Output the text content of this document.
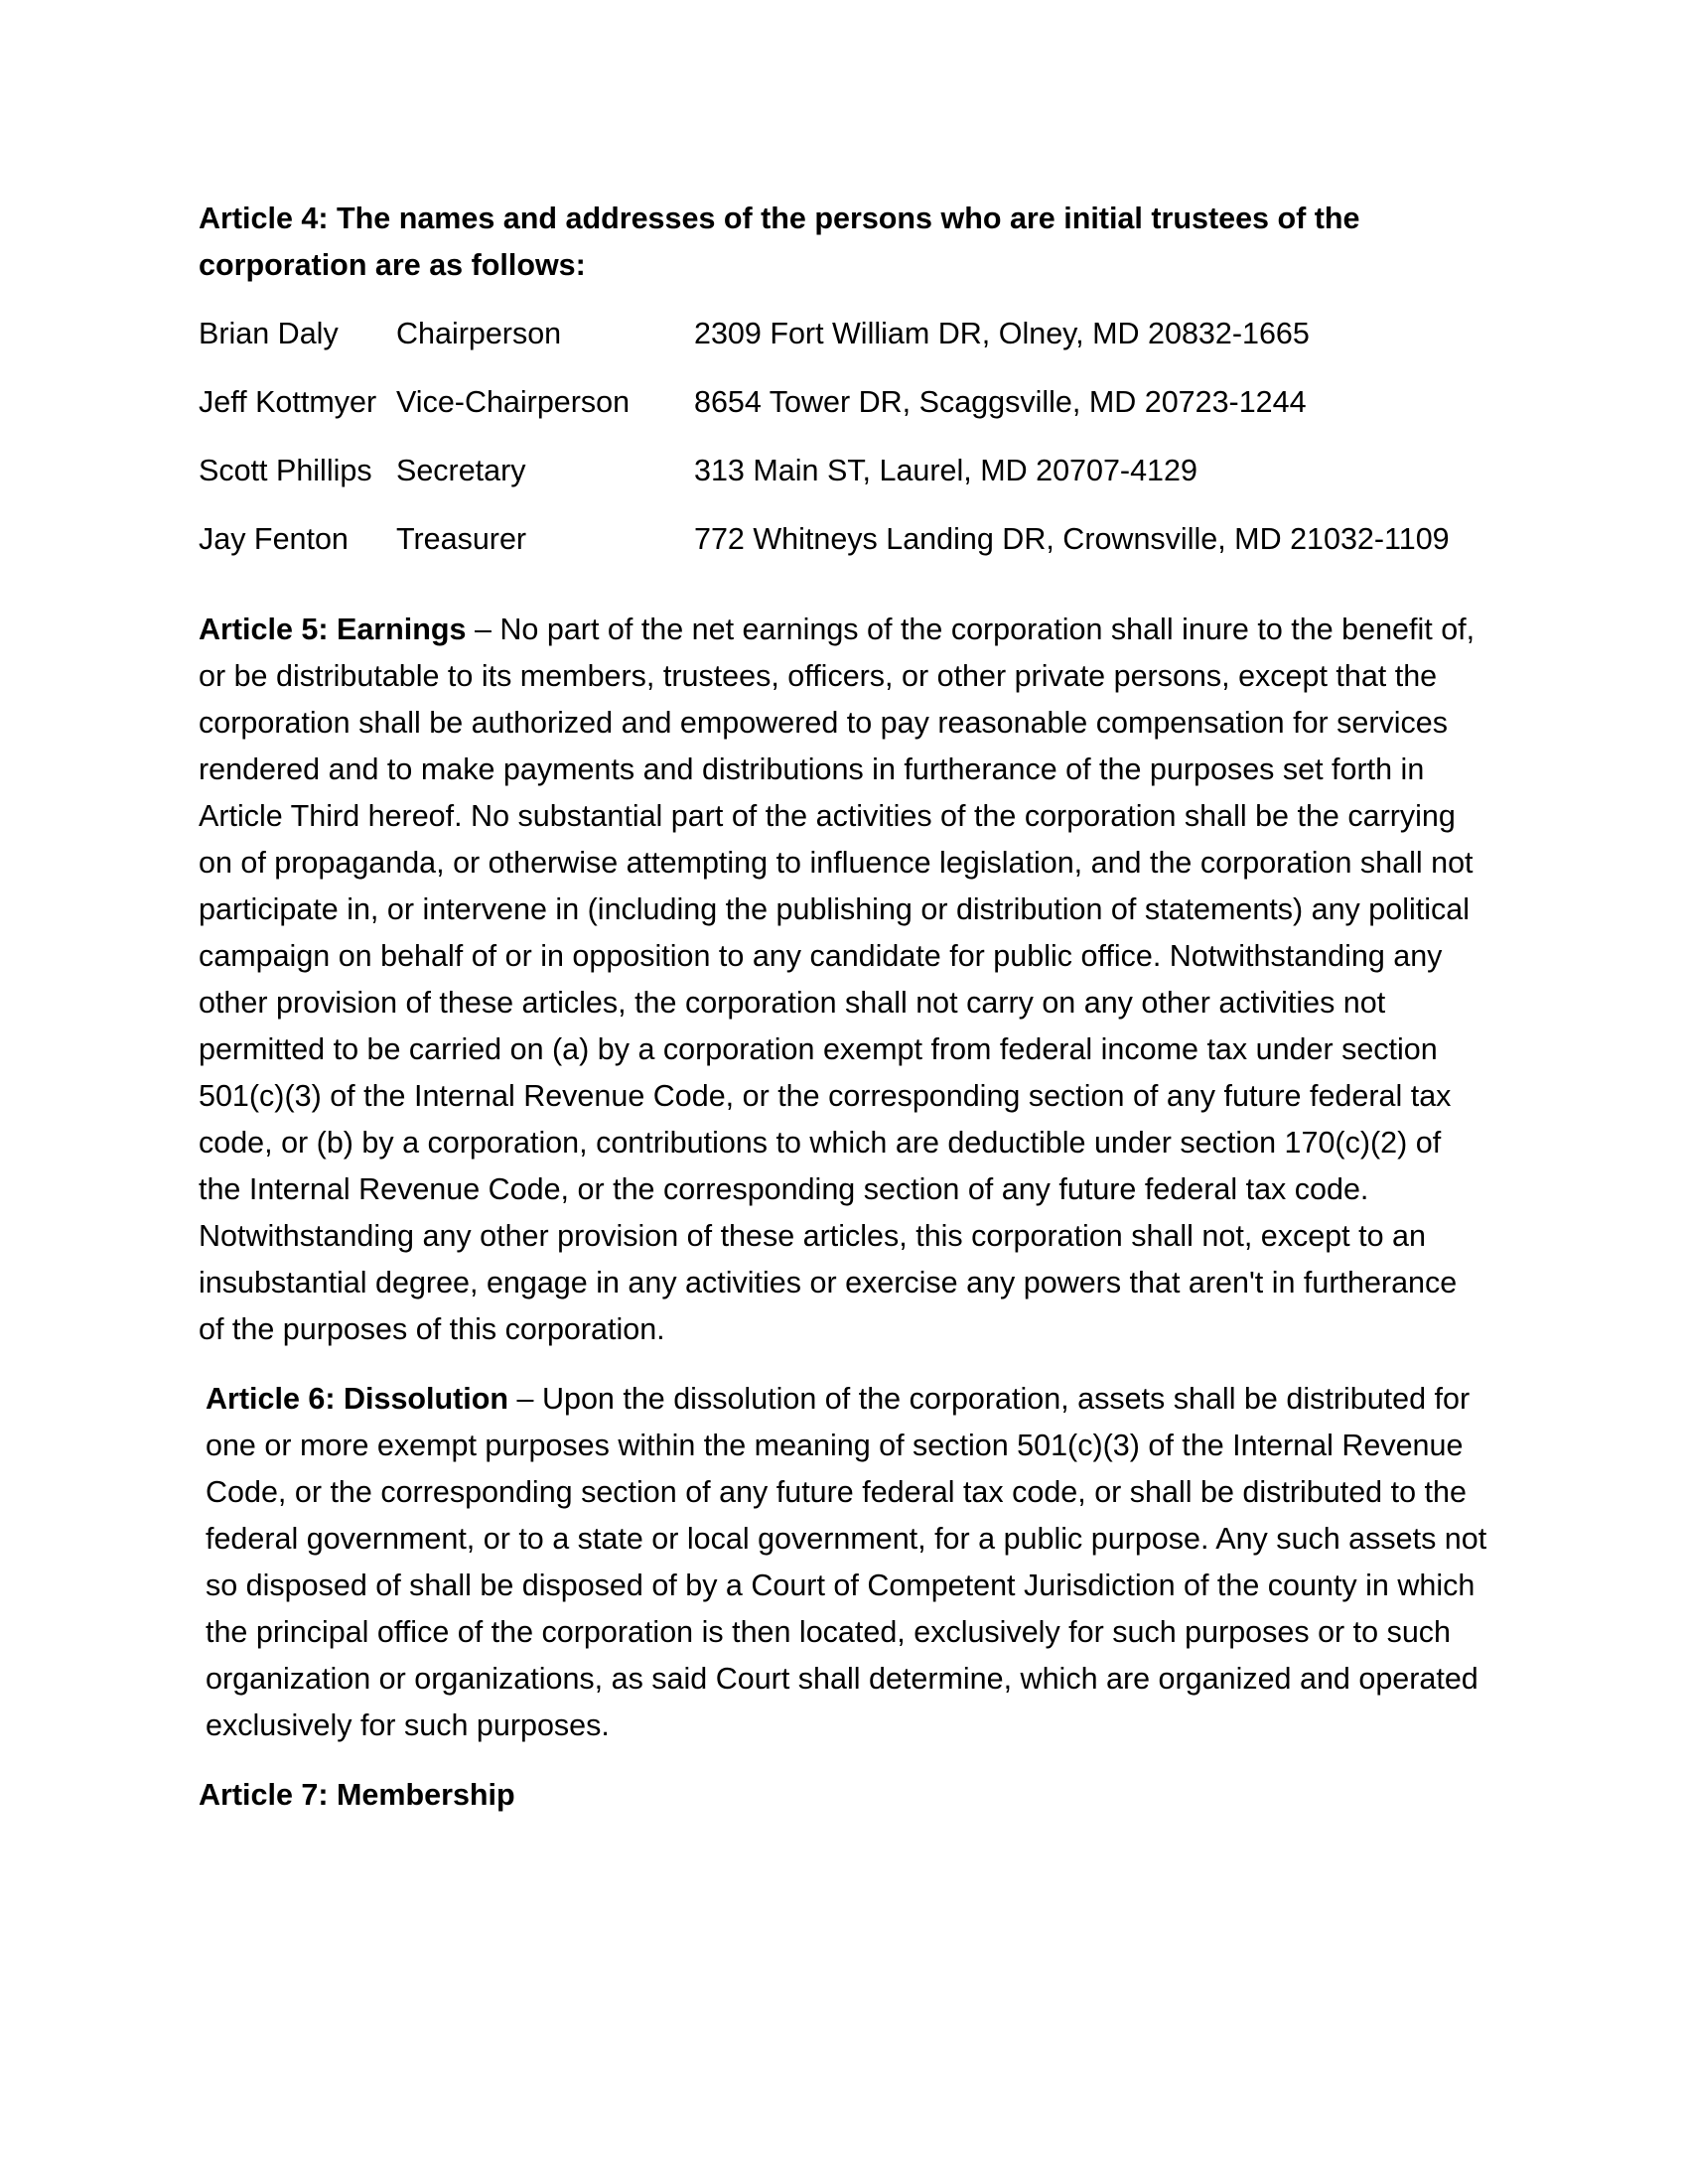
Article 4: The names and addresses of the persons who are initial trustees of the corporation are as follows:

Brian Daly	Chairperson	2309 Fort William DR, Olney, MD 20832-1665
Jeff Kottmyer	Vice-Chairperson	8654 Tower DR, Scaggsville, MD 20723-1244
Scott Phillips	Secretary	313 Main ST, Laurel, MD 20707-4129
Jay Fenton	Treasurer	772 Whitneys Landing DR, Crownsville, MD 21032-1109

Article 5: Earnings – No part of the net earnings of the corporation shall inure to the benefit of, or be distributable to its members, trustees, officers, or other private persons, except that the corporation shall be authorized and empowered to pay reasonable compensation for services rendered and to make payments and distributions in furtherance of the purposes set forth in Article Third hereof. No substantial part of the activities of the corporation shall be the carrying on of propaganda, or otherwise attempting to influence legislation, and the corporation shall not participate in, or intervene in (including the publishing or distribution of statements) any political campaign on behalf of or in opposition to any candidate for public office. Notwithstanding any other provision of these articles, the corporation shall not carry on any other activities not permitted to be carried on (a) by a corporation exempt from federal income tax under section 501(c)(3) of the Internal Revenue Code, or the corresponding section of any future federal tax code, or (b) by a corporation, contributions to which are deductible under section 170(c)(2) of the Internal Revenue Code, or the corresponding section of any future federal tax code. Notwithstanding any other provision of these articles, this corporation shall not, except to an insubstantial degree, engage in any activities or exercise any powers that aren't in furtherance of the purposes of this corporation.

Article 6: Dissolution – Upon the dissolution of the corporation, assets shall be distributed for one or more exempt purposes within the meaning of section 501(c)(3) of the Internal Revenue Code, or the corresponding section of any future federal tax code, or shall be distributed to the federal government, or to a state or local government, for a public purpose. Any such assets not so disposed of shall be disposed of by a Court of Competent Jurisdiction of the county in which the principal office of the corporation is then located, exclusively for such purposes or to such organization or organizations, as said Court shall determine, which are organized and operated exclusively for such purposes.

Article 7: Membership
